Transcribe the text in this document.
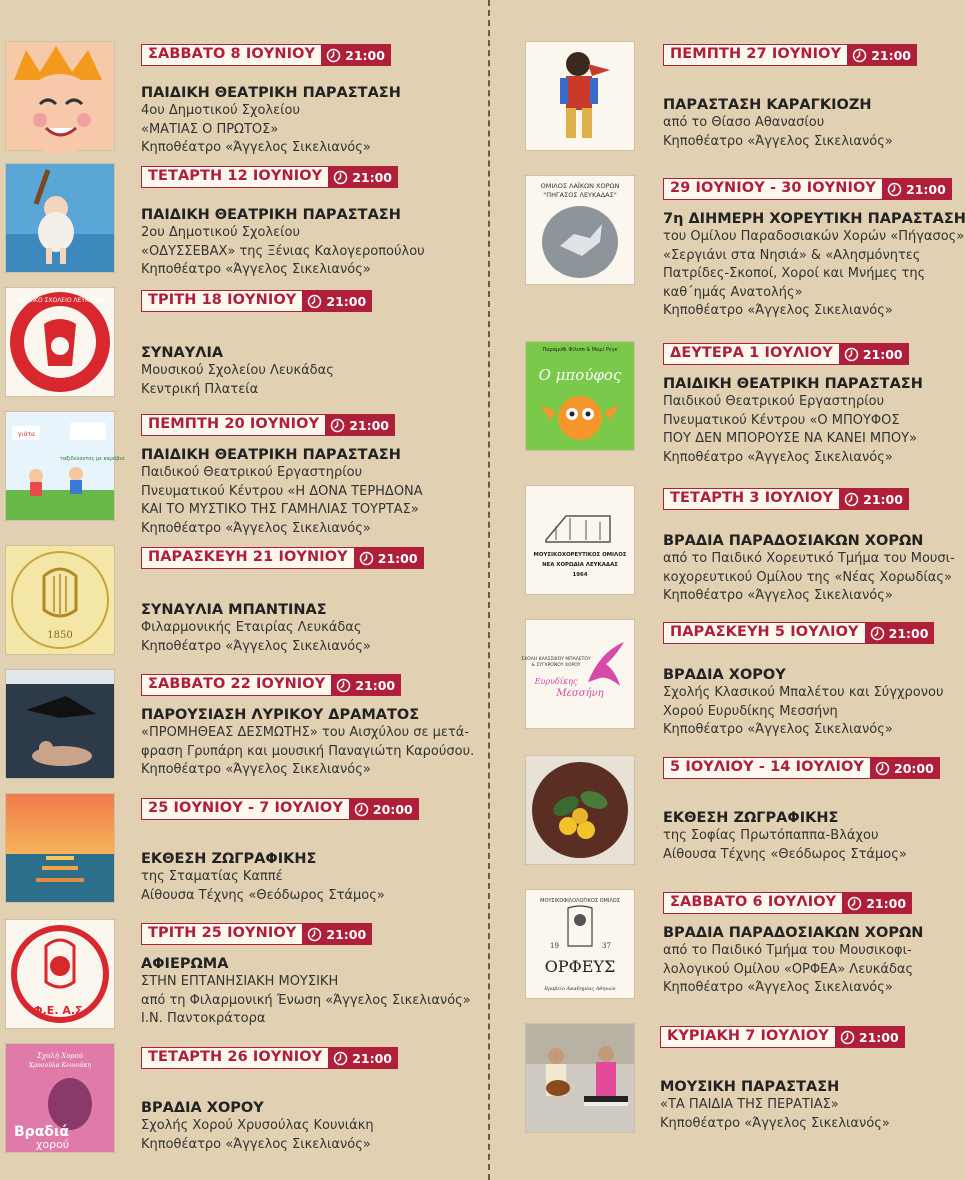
ΜΟΥΣΙΚΟ ΣΧΟΛΕΙΟ ΛΕΥΚΑΔΑΣ
γιάτα
ταξιδεύοντας με καράβια
1850
Φ.Ε. Α.Σ.
Σχολή Χορού
Χρυσούλα Κουνιάκη
Βραδιά
χορού
ΟΜΙΛΟΣ ΛΑΪΚΩΝ ΧΟΡΩΝ
"ΠΗΓΑΣΟΣ ΛΕΥΚΑΔΑΣ"
Παραμύθι Φίλιππ & Μαρί Ρεγκ
Ο μπούφος
ΜΟΥΣΙΚΟΧΟΡΕΥΤΙΚΟΣ ΟΜΙΛΟΣ
ΝΕΑ ΧΟΡΩΔΙΑ ΛΕΥΚΑΔΑΣ
1964
ΣΧΟΛΗ ΚΛΑΣΣΙΚΟΥ ΜΠΑΛΕΤΟΥ
& ΣΥΓΧΡΟΝΟΥ ΧΟΡΟΥ
Ευρυδίκης
Μεσσήνη
ΜΟΥΣΙΚΟΦΙΛΟΛΟΓΙΚΟΣ ΟΜΙΛΟΣ
19	37
ΟΡΦΕΥΣ
Βραβείο Ακαδημίας Αθηνών
ΣΑΒΒΑΤΟ 8 ΙΟΥΝΙΟΥ	21:00
ΠΑΙΔΙΚΗ ΘΕΑΤΡΙΚΗ ΠΑΡΑΣΤΑΣΗ
4ου Δημοτικού Σχολείου
«ΜΑΤΙΑΣ Ο ΠΡΩΤΟΣ»
Κηποθέατρο «Άγγελος Σικελιανός»
ΤΕΤΑΡΤΗ 12 ΙΟΥΝΙΟΥ	21:00
ΠΑΙΔΙΚΗ ΘΕΑΤΡΙΚΗ ΠΑΡΑΣΤΑΣΗ
2ου Δημοτικού Σχολείου
«ΟΔΥΣΣΕΒΑΧ» της Ξένιας Καλογεροπούλου
Κηποθέατρο «Άγγελος Σικελιανός»
ΤΡΙΤΗ 18 ΙΟΥΝΙΟΥ	21:00
ΣΥΝΑΥΛΙΑ
Μουσικού Σχολείου Λευκάδας
Κεντρική Πλατεία
ΠΕΜΠΤΗ 20 ΙΟΥΝΙΟΥ	21:00
ΠΑΙΔΙΚΗ ΘΕΑΤΡΙΚΗ ΠΑΡΑΣΤΑΣΗ
Παιδικού Θεατρικού Εργαστηρίου
Πνευματικού Κέντρου «Η ΔΟΝΑ ΤΕΡΗΔΟΝΑ
ΚΑΙ ΤΟ ΜΥΣΤΙΚΟ ΤΗΣ ΓΑΜΗΛΙΑΣ ΤΟΥΡΤΑΣ»
Κηποθέατρο «Άγγελος Σικελιανός»
ΠΑΡΑΣΚΕΥΗ 21 ΙΟΥΝΙΟΥ	21:00
ΣΥΝΑΥΛΙΑ ΜΠΑΝΤΙΝΑΣ
Φιλαρμονικής Εταιρίας Λευκάδας
Κηποθέατρο «Άγγελος Σικελιανός»
ΣΑΒΒΑΤΟ 22 ΙΟΥΝΙΟΥ	21:00
ΠΑΡΟΥΣΙΑΣΗ ΛΥΡΙΚΟΥ ΔΡΑΜΑΤΟΣ
«ΠΡΟΜΗΘΕΑΣ ΔΕΣΜΩΤΗΣ» του Αισχύλου σε μετά-
φραση Γρυπάρη και μουσική Παναγιώτη Καρούσου.
Κηποθέατρο «Άγγελος Σικελιανός»
25 ΙΟΥΝΙΟΥ - 7 ΙΟΥΛΙΟΥ	20:00
ΕΚΘΕΣΗ ΖΩΓΡΑΦΙΚΗΣ
της Σταματίας Καππέ
Αίθουσα Τέχνης «Θεόδωρος Στάμος»
ΤΡΙΤΗ 25 ΙΟΥΝΙΟΥ	21:00
ΑΦΙΕΡΩΜΑ
ΣΤΗΝ ΕΠΤΑΝΗΣΙΑΚΗ ΜΟΥΣΙΚΗ
από τη Φιλαρμονική Ένωση «Άγγελος Σικελιανός»
Ι.Ν. Παντοκράτορα
ΤΕΤΑΡΤΗ 26 ΙΟΥΝΙΟΥ	21:00
ΒΡΑΔΙΑ ΧΟΡΟΥ
Σχολής Χορού Χρυσούλας Κουνιάκη
Κηποθέατρο «Άγγελος Σικελιανός»
ΠΕΜΠΤΗ 27 ΙΟΥΝΙΟΥ	21:00
ΠΑΡΑΣΤΑΣΗ ΚΑΡΑΓΚΙΟΖΗ
από το Θίασο Αθανασίου
Κηποθέατρο «Άγγελος Σικελιανός»
29 ΙΟΥΝΙΟΥ - 30 ΙΟΥΝΙΟΥ	21:00
7η ΔΙΗΜΕΡΗ ΧΟΡΕΥΤΙΚΗ ΠΑΡΑΣΤΑΣΗ
του Ομίλου Παραδοσιακών Χορών «Πήγασος»
«Σεργιάνι στα Νησιά» & «Αλησμόνητες
Πατρίδες-Σκοποί, Χοροί και Μνήμες της
καθ΄ημάς Ανατολής»
Κηποθέατρο «Άγγελος Σικελιανός»
ΔΕΥΤΕΡΑ 1 ΙΟΥΛΙΟΥ	21:00
ΠΑΙΔΙΚΗ ΘΕΑΤΡΙΚΗ ΠΑΡΑΣΤΑΣΗ
Παιδικού Θεατρικού Εργαστηρίου
Πνευματικού Κέντρου «Ο ΜΠΟΥΦΟΣ
ΠΟΥ ΔΕΝ ΜΠΟΡΟΥΣΕ ΝΑ ΚΑΝΕΙ ΜΠΟΥ»
Κηποθέατρο «Άγγελος Σικελιανός»
ΤΕΤΑΡΤΗ 3 ΙΟΥΛΙΟΥ	21:00
ΒΡΑΔΙΑ ΠΑΡΑΔΟΣΙΑΚΩΝ ΧΟΡΩΝ
από το Παιδικό Χορευτικό Τμήμα του Μουσι-
κοχορευτικού Ομίλου της «Νέας Χορωδίας»
Κηποθέατρο «Άγγελος Σικελιανός»
ΠΑΡΑΣΚΕΥΗ 5 ΙΟΥΛΙΟΥ	21:00
ΒΡΑΔΙΑ ΧΟΡΟΥ
Σχολής Κλασικού Μπαλέτου και Σύγχρονου
Χορού Ευρυδίκης Μεσσήνη
Κηποθέατρο «Άγγελος Σικελιανός»
5 ΙΟΥΛΙΟΥ - 14 ΙΟΥΛΙΟΥ	20:00
ΕΚΘΕΣΗ ΖΩΓΡΑΦΙΚΗΣ
της Σοφίας Πρωτόπαππα-Βλάχου
Αίθουσα Τέχνης «Θεόδωρος Στάμος»
ΣΑΒΒΑΤΟ 6 ΙΟΥΛΙΟΥ	21:00
ΒΡΑΔΙΑ ΠΑΡΑΔΟΣΙΑΚΩΝ ΧΟΡΩΝ
από το Παιδικό Τμήμα του Μουσικοφι-
λολογικού Ομίλου «ΟΡΦΕΑ» Λευκάδας
Κηποθέατρο «Άγγελος Σικελιανός»
ΚΥΡΙΑΚΗ 7 ΙΟΥΛΙΟΥ	21:00
ΜΟΥΣΙΚΗ ΠΑΡΑΣΤΑΣΗ
«ΤΑ ΠΑΙΔΙΑ ΤΗΣ ΠΕΡΑΤΙΑΣ»
Κηποθέατρο «Άγγελος Σικελιανός»
